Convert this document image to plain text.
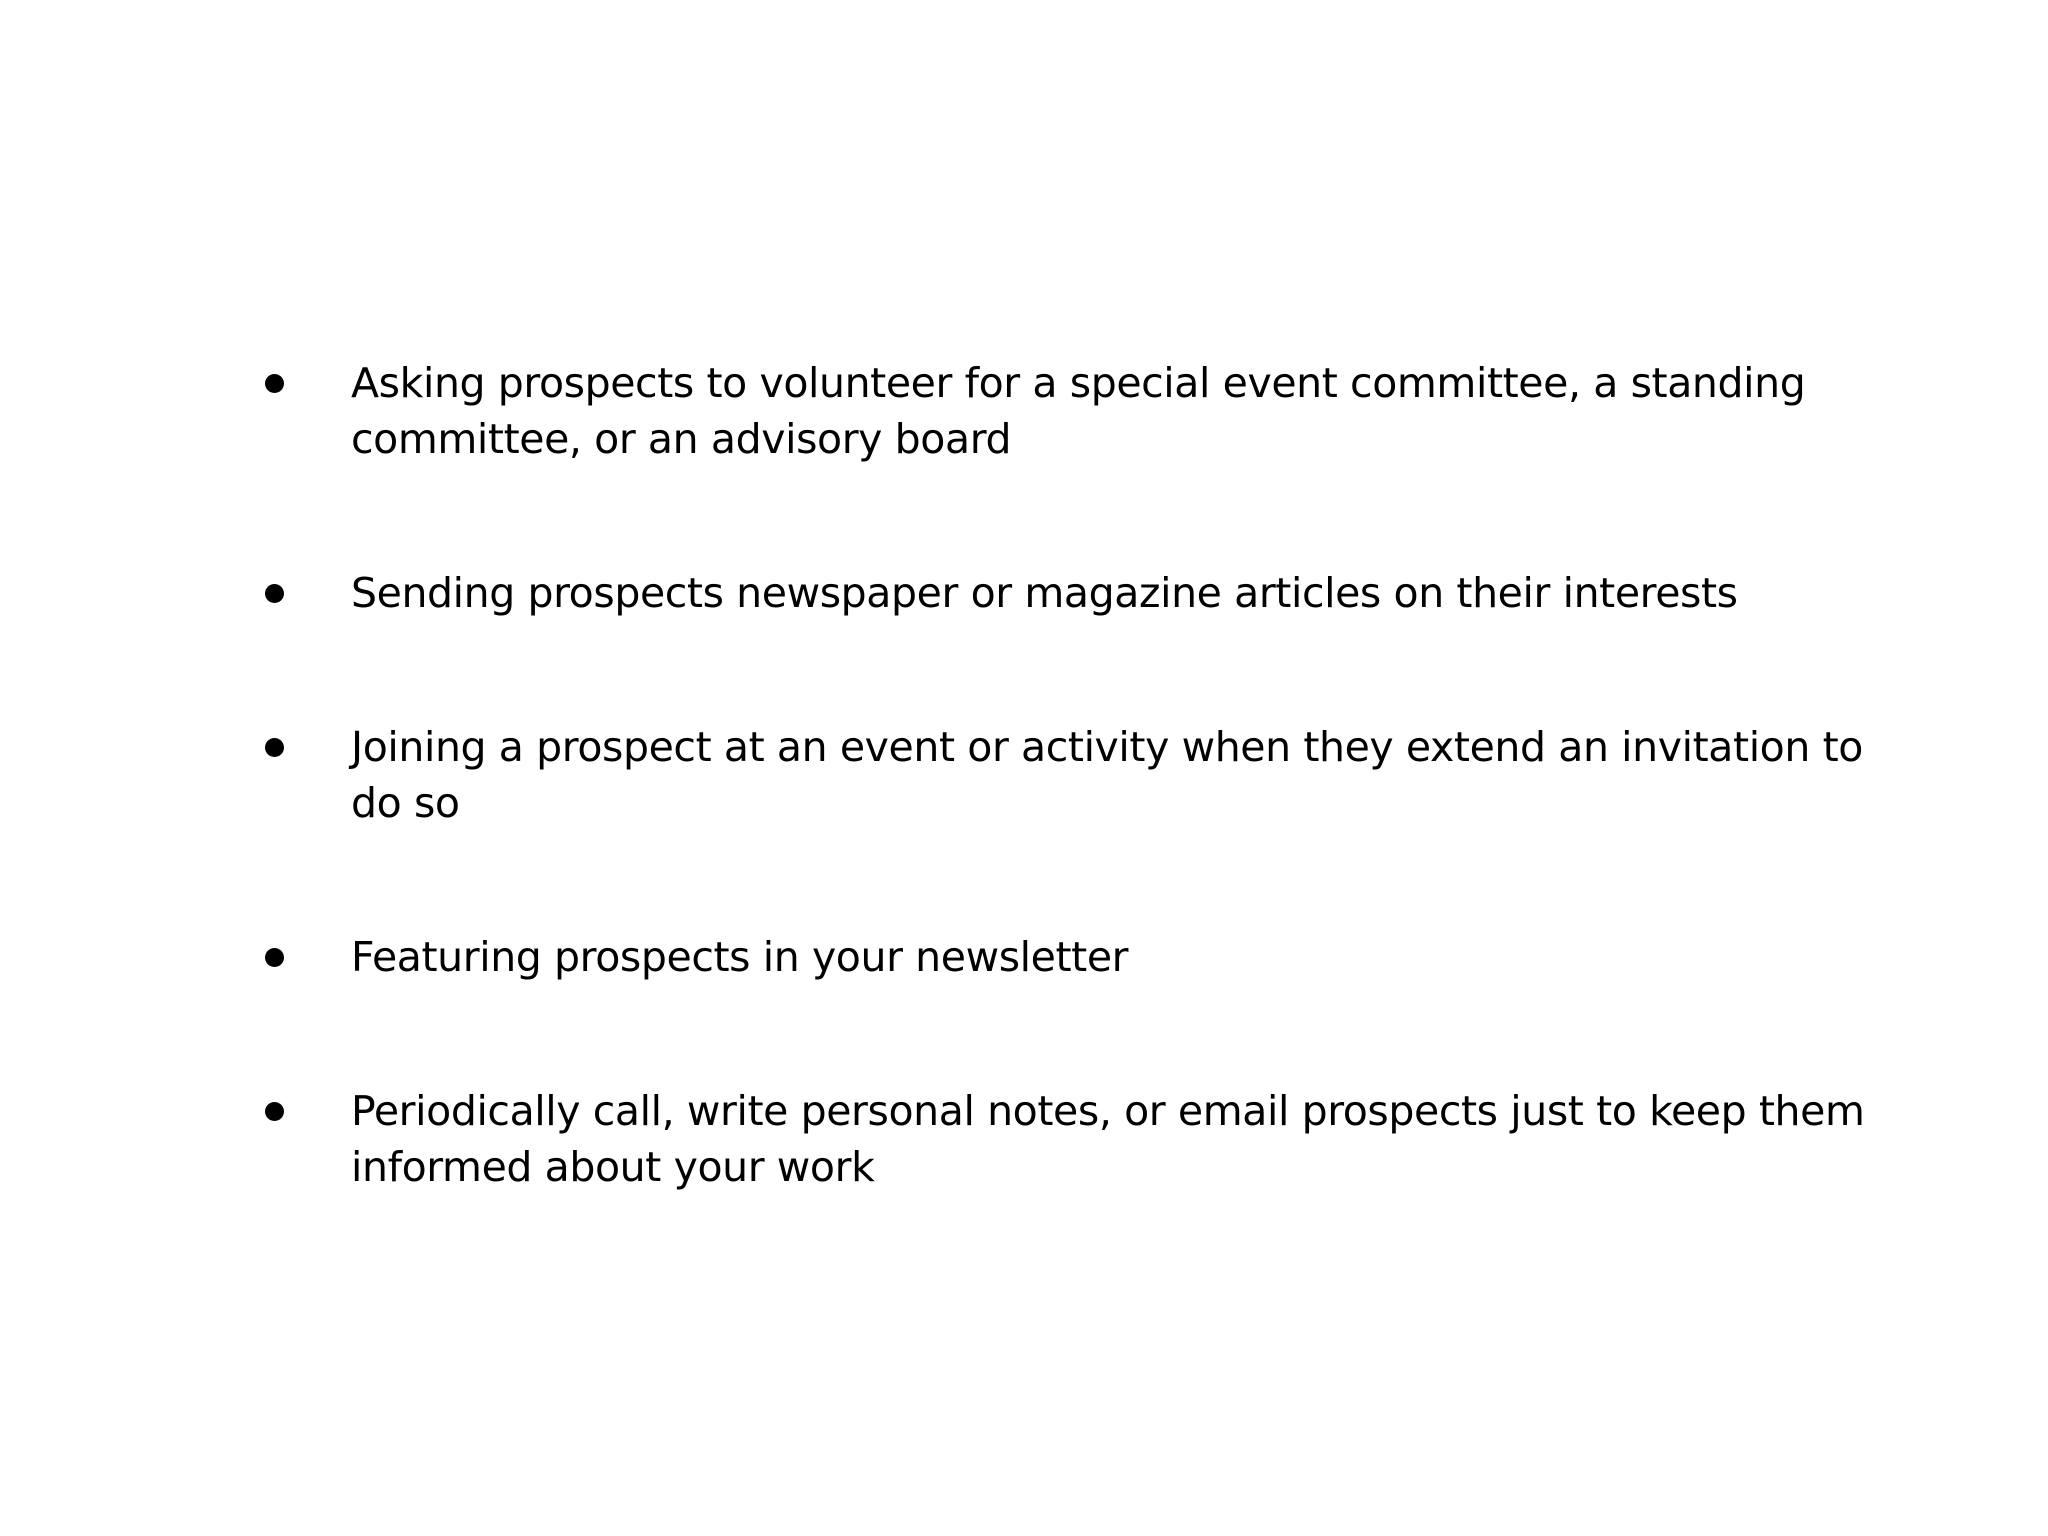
Asking prospects to volunteer for a special event committee, a standing
committee, or an advisory board
Sending prospects newspaper or magazine articles on their interests
Joining a prospect at an event or activity when they extend an invitation to
do so
Featuring prospects in your newsletter
Periodically call, write personal notes, or email prospects just to keep them
informed about your work
